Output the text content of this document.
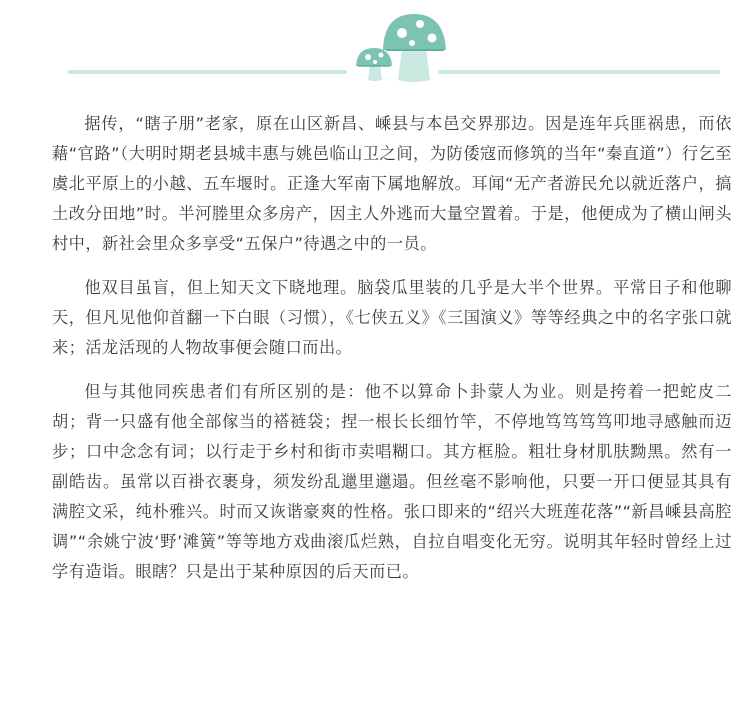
据传，“瞎子朋”老家，原在山区新昌、嵊县与本邑交界那边。因是连年兵匪祸患，而依藉“官路”（大明时期老县城丰惠与姚邑临山卫之间，为防倭寇而修筑的当年“秦直道”）行乞至虞北平原上的小越、五车堰时。正逢大军南下属地解放。耳闻“无产者游民允以就近落户，搞土改分田地”时。半河塍里众多房产，因主人外逃而大量空置着。于是，他便成为了横山闸头村中，新社会里众多享受“五保户”待遇之中的一员。

他双目虽盲，但上知天文下晓地理。脑袋瓜里装的几乎是大半个世界。平常日子和他聊天，但凡见他仰首翻一下白眼（习惯），《七侠五义》《三国演义》等等经典之中的名字张口就来；活龙活现的人物故事便会随口而出。

但与其他同疾患者们有所区别的是：他不以算命卜卦蒙人为业。则是挎着一把蛇皮二胡；背一只盛有他全部傢当的褡裢袋；捏一根长长细竹竿，不停地笃笃笃笃叩地寻感触而迈步；口中念念有词；以行走于乡村和街市卖唱糊口。其方框脸。粗壮身材肌肤黝黑。然有一副皓齿。虽常以百褂衣裹身，须发纷乱邋里邋遢。但丝毫不影响他，只要一开口便显其具有满腔文采，纯朴雅兴。时而又诙谐豪爽的性格。张口即来的“绍兴大班莲花落”“新昌嵊县高腔调”“余姚宁波‘野’滩簧”等等地方戏曲滚瓜烂熟，自拉自唱变化无穷。说明其年轻时曾经上过学有造诣。眼瞎？只是出于某种原因的后天而已。
